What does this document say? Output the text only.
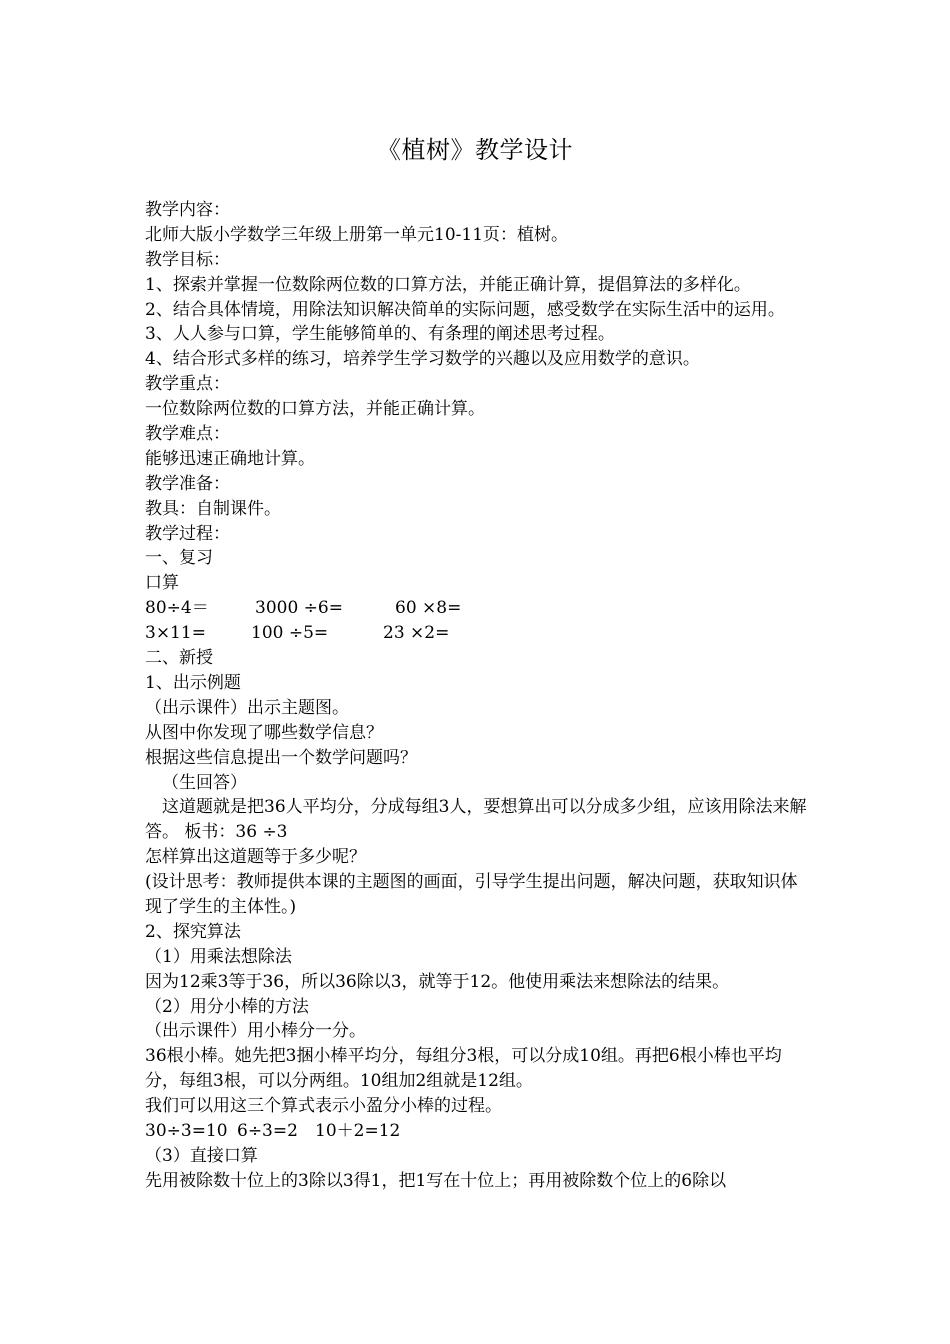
《植树》教学设计
教学内容：
北师大版小学数学三年级上册第一单元10-11页：植树。
教学目标：
1、探索并掌握一位数除两位数的口算方法，并能正确计算，提倡算法的多样化。
2、结合具体情境，用除法知识解决简单的实际问题，感受数学在实际生活中的运用。
3、人人参与口算，学生能够简单的、有条理的阐述思考过程。
4、结合形式多样的练习，培养学生学习数学的兴趣以及应用数学的意识。
教学重点：
一位数除两位数的口算方法，并能正确计算。
教学难点：
能够迅速正确地计算。
教学准备：
教具：自制课件。
教学过程：
一、复习
口算
80÷4＝	3000 ÷6=	60 ×8=
3×11=	100 ÷5=	23 ×2=
二、新授
1、出示例题
（出示课件）出示主题图。
从图中你发现了哪些数学信息？
根据这些信息提出一个数学问题吗？
（生回答）
这道题就是把36人平均分，分成每组3人，要想算出可以分成多少组，应该用除法来解答。 板书：36 ÷3
怎样算出这道题等于多少呢？
(设计思考：教师提供本课的主题图的画面，引导学生提出问题，解决问题，获取知识体现了学生的主体性。)
2、探究算法
（1）用乘法想除法
因为12乘3等于36，所以36除以3，就等于12。他使用乘法来想除法的结果。
（2）用分小棒的方法
（出示课件）用小棒分一分。
36根小棒。她先把3捆小棒平均分，每组分3根，可以分成10组。再把6根小棒也平均分，每组3根，可以分两组。10组加2组就是12组。
我们可以用这三个算式表示小盈分小棒的过程。
30÷3=10 6÷3=2	10＋2=12
（3）直接口算
先用被除数十位上的3除以3得1，把1写在十位上；再用被除数个位上的6除以
